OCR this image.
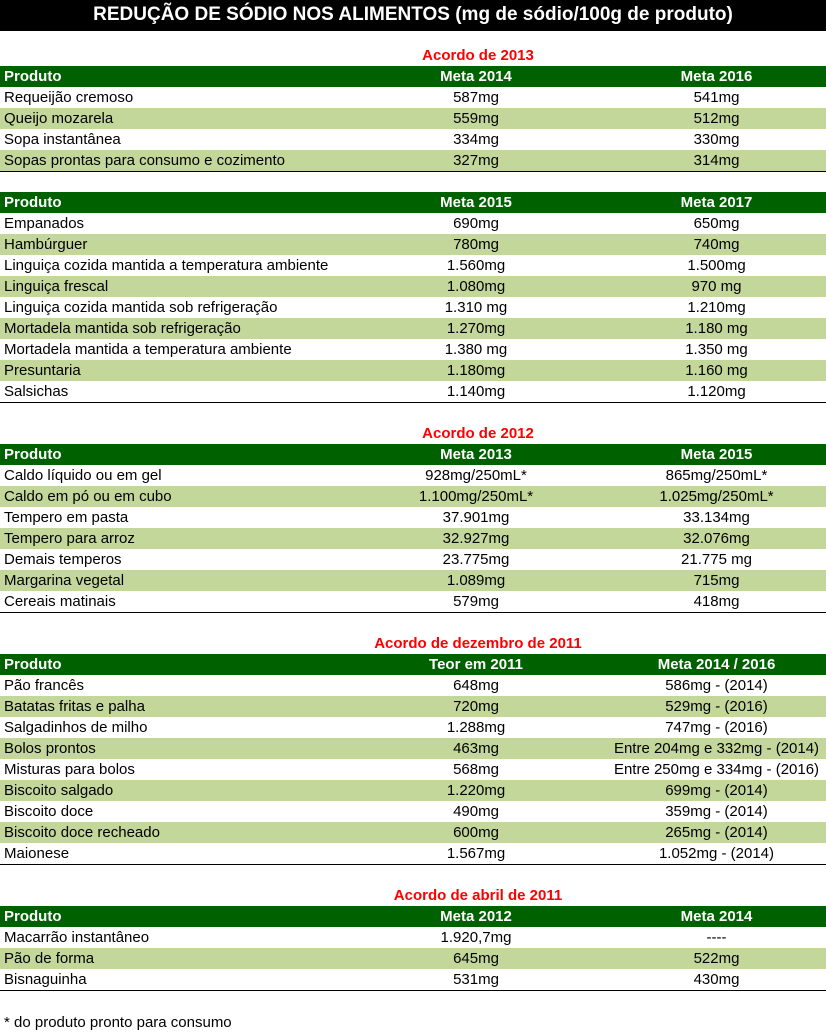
REDUÇÃO DE SÓDIO NOS ALIMENTOS (mg de sódio/100g de produto)
Acordo de 2013
Produto	Meta 2014	Meta 2016
Requeijão cremoso	587mg	541mg
Queijo mozarela	559mg	512mg
Sopa instantânea	334mg	330mg
Sopas prontas para consumo e cozimento	327mg	314mg
Produto	Meta 2015	Meta 2017
Empanados	690mg	650mg
Hambúrguer	780mg	740mg
Linguiça cozida mantida a temperatura ambiente	1.560mg	1.500mg
Linguiça frescal	1.080mg	970 mg
Linguiça cozida mantida sob refrigeração	1.310 mg	1.210mg
Mortadela mantida sob refrigeração	1.270mg	1.180 mg
Mortadela mantida a temperatura ambiente	1.380 mg	1.350 mg
Presuntaria	1.180mg	1.160 mg
Salsichas	1.140mg	1.120mg
Acordo de 2012
Produto	Meta 2013	Meta 2015
Caldo líquido ou em gel	928mg/250mL*	865mg/250mL*
Caldo em pó ou em cubo	1.100mg/250mL*	1.025mg/250mL*
Tempero em pasta	37.901mg	33.134mg
Tempero para arroz	32.927mg	32.076mg
Demais temperos	23.775mg	21.775 mg
Margarina vegetal	1.089mg	715mg
Cereais matinais	579mg	418mg
Acordo de dezembro de 2011
Produto	Teor em 2011	Meta 2014 / 2016
Pão francês	648mg	586mg - (2014)
Batatas fritas e palha	720mg	529mg - (2016)
Salgadinhos de milho	1.288mg	747mg - (2016)
Bolos prontos	463mg	Entre 204mg e 332mg - (2014)
Misturas para bolos	568mg	Entre 250mg e 334mg - (2016)
Biscoito salgado	1.220mg	699mg - (2014)
Biscoito doce	490mg	359mg - (2014)
Biscoito doce recheado	600mg	265mg - (2014)
Maionese	1.567mg	1.052mg - (2014)
Acordo de abril de 2011
Produto	Meta 2012	Meta 2014
Macarrão instantâneo	1.920,7mg	----
Pão de forma	645mg	522mg
Bisnaguinha	531mg	430mg
* do produto pronto para consumo
